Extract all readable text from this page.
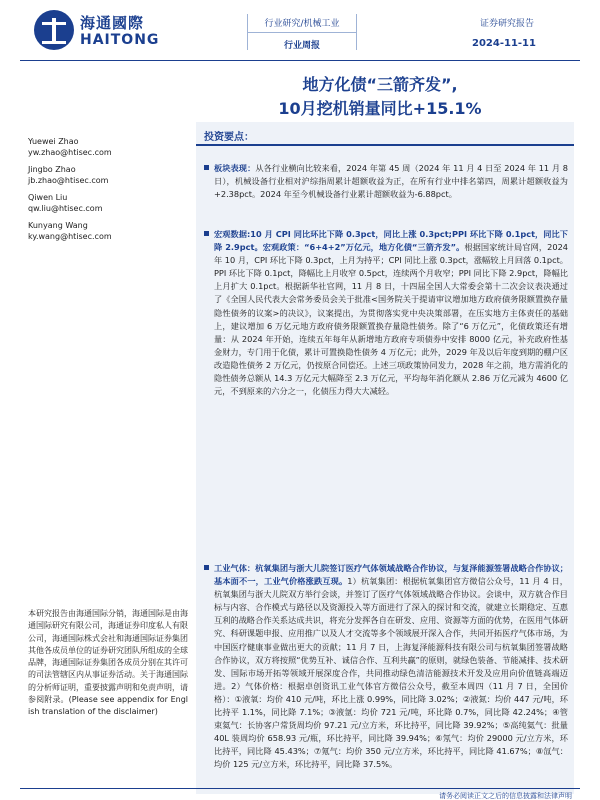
海通國際
HAITONG
行业研究/机械工业
行业周报
证券研究报告
2024-11-11
地方化债“三箭齐发”,
10月挖机销量同比+15.1%
Yuewei Zhao
yw.zhao@htisec.com
Jingbo Zhao
jb.zhao@htisec.com
Qiwen Liu
qw.liu@htisec.com
Kunyang Wang
ky.wang@htisec.com
投资要点：
板块表现：从各行业横向比较来看，2024 年第 45 周（2024 年 11 月 4 日至 2024 年 11 月 8 日），机械设备行业相对沪综指周累计超额收益为正，在所有行业中排名第四，周累计超额收益为+2.38pct。2024 年至今机械设备行业累计超额收益为-6.88pct。
宏观数据:10 月 CPI 同比环比下降 0.3pct，同比上涨 0.3pct;PPI 环比下降 0.1pct，同比下降 2.9pct。宏观政策：“6+4+2”万亿元，地方化债“三箭齐发”。根据国家统计局官网，2024 年 10 月，CPI 环比下降 0.3pct，上月为持平；CPI 同比上涨 0.3pct，涨幅较上月回落 0.1pct。PPI 环比下降 0.1pct，降幅比上月收窄 0.5pct，连续两个月收窄；PPI 同比下降 2.9pct，降幅比上月扩大 0.1pct。根据新华社官网，11 月 8 日，十四届全国人大常委会第十二次会议表决通过了《全国人民代表大会常务委员会关于批准<国务院关于提请审议增加地方政府债务限额置换存量隐性债务的议案>的决议》，议案提出，为贯彻落实党中央决策部署，在压实地方主体责任的基础上，建议增加 6 万亿元地方政府债务限额置换存量隐性债务。除了“6 万亿元”，化债政策还有增量：从 2024 年开始，连续五年每年从新增地方政府专项债券中安排 8000 亿元，补充政府性基金财力，专门用于化债，累计可置换隐性债务 4 万亿元；此外，2029 年及以后年度到期的棚户区改造隐性债务 2 万亿元，仍按原合同偿还。上述三项政策协同发力，2028 年之前，地方需消化的隐性债务总额从 14.3 万亿元大幅降至 2.3 万亿元，平均每年消化额从 2.86 万亿元减为 4600 亿元，不到原来的六分之一，化债压力得大大减轻。
工业气体：杭氧集团与浙大儿院签订医疗气体领域战略合作协议，与复泽能源签署战略合作协议；基本面不一，工业气价格涨跌互现。1）杭氧集团：根据杭氧集团官方微信公众号，11 月 4 日，杭氧集团与浙大儿院双方举行会谈，并签订了医疗气体领域战略合作协议。会谈中，双方就合作目标与内容、合作模式与路径以及资源投入等方面进行了深入的探讨和交流，就建立长期稳定、互惠互利的战略合作关系达成共识，将充分发挥各自在研发、应用、资源等方面的优势，在医用气体研究、科研课题申报、应用推广以及人才交流等多个领域展开深入合作，共同开拓医疗气体市场，为中国医疗健康事业做出更大的贡献；11 月 7 日，上海复泽能源科技有限公司与杭氧集团签署战略合作协议，双方将按照“优势互补、诚信合作、互利共赢”的原则，就绿色装备、节能减排、技术研发、国际市场开拓等领域开展深度合作，共同推动绿色清洁能源技术开发及应用向价值链高端迈进。2）气体价格：根据卓创资讯工业气体官方微信公众号，截至本周四（11 月 7 日，全国价格）：①液氧：均价 410 元/吨，环比上涨 0.99%，同比降 3.02%；②液氮：均价 447 元/吨，环比持平 1.1%，同比降 7.1%；③液氩：均价 721 元/吨，环比降 0.7%，同比降 42.24%；④管束氦气：长协客户常货周均价 97.21 元/立方米，环比持平，同比降 39.92%；⑤高纯氦气：批量 40L 装周均价 658.93 元/瓶，环比持平，同比降 39.94%；⑥氖气：均价 29000 元/立方米，环比持平，同比降 45.43%；⑦氪气：均价 350 元/立方米，环比持平，同比降 41.67%；⑧氙气：均价 125 元/立方米，环比持平，同比降 37.5%。
本研究报告由海通国际分销，海通国际是由海通国际研究有限公司，海通证券印度私人有限公司，海通国际株式会社和海通国际证券集团其他各成员单位的证券研究团队所组成的全球品牌，海通国际证券集团各成员分别在其许可的司法管辖区内从事证券活动。关于海通国际的分析师证明，重要披露声明和免责声明，请参阅附录。(Please see appendix for English translation of the disclaimer)
请务必阅读正文之后的信息披露和法律声明
